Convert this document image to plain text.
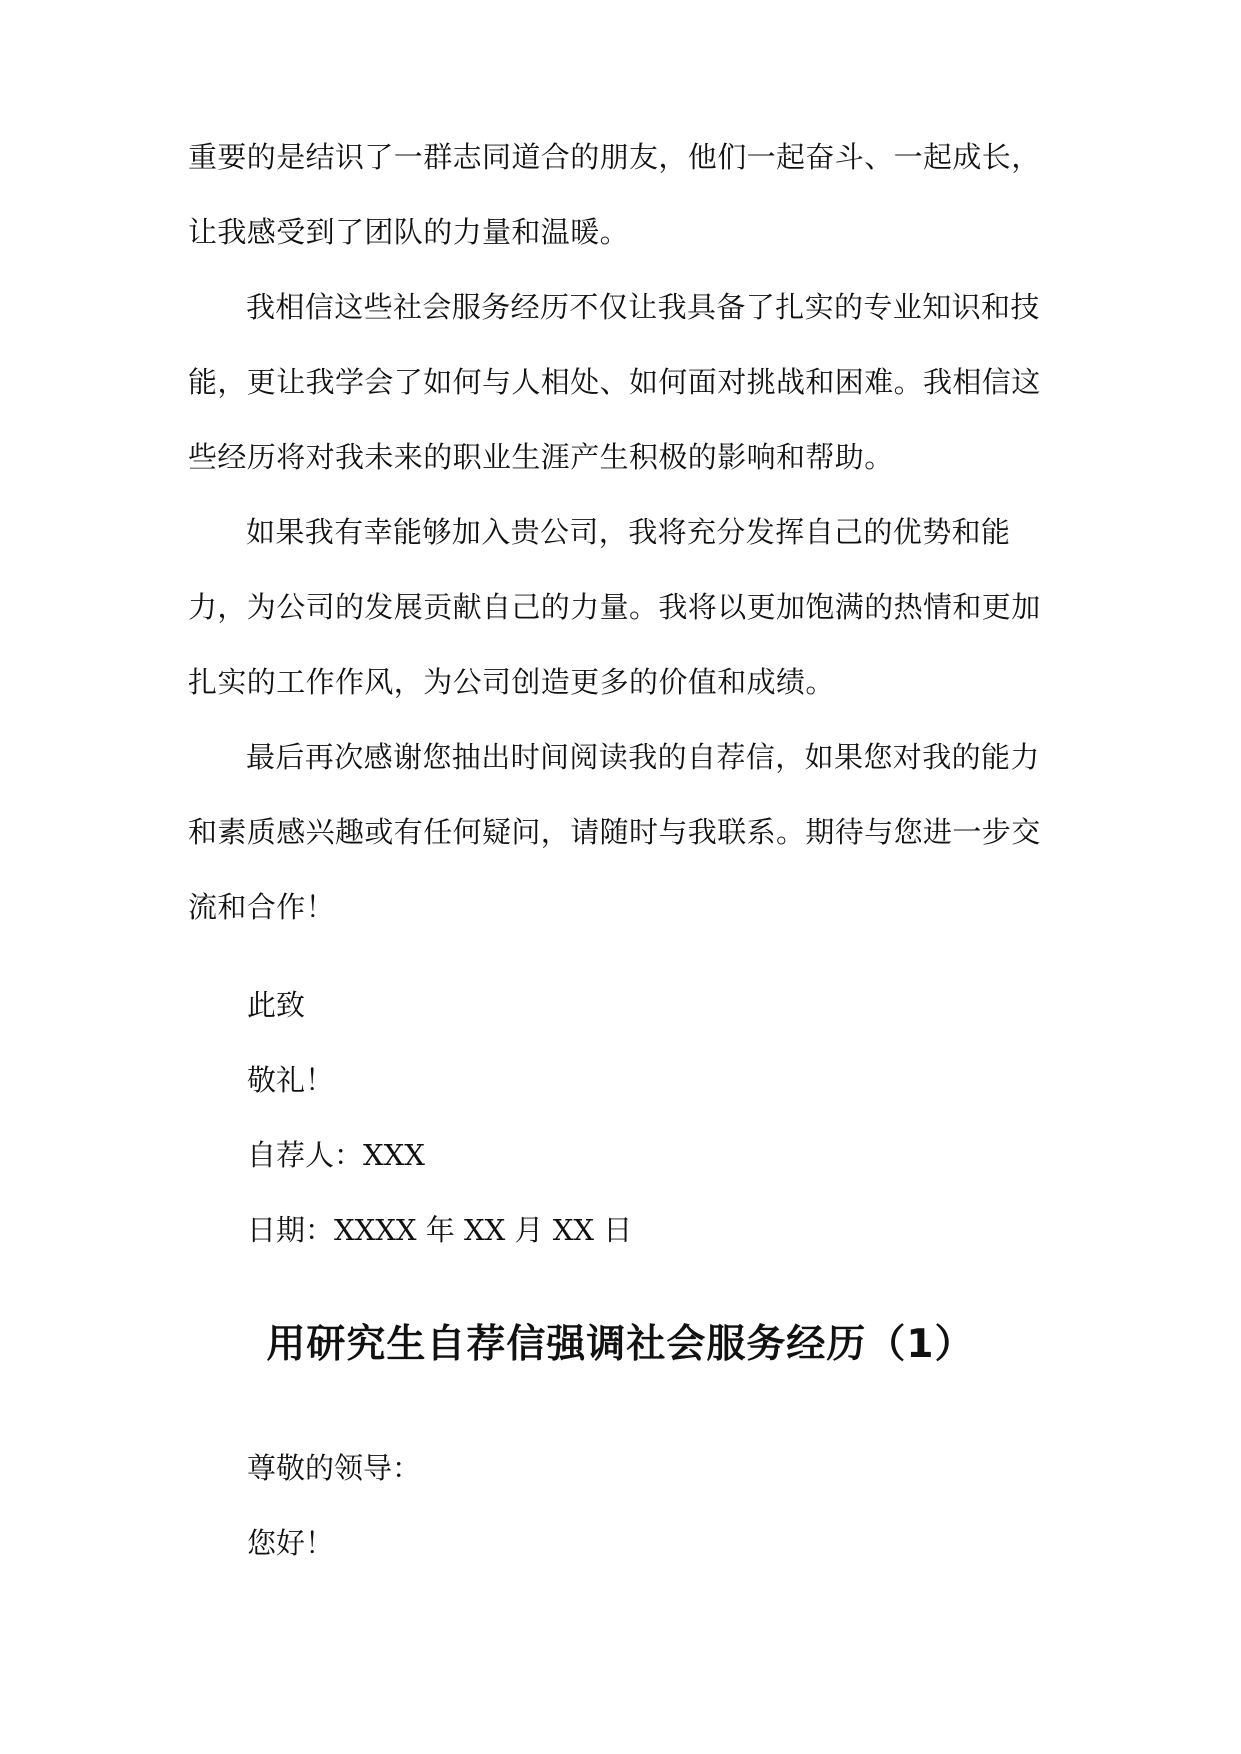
重要的是结识了一群志同道合的朋友，他们一起奋斗、一起成长，让我感受到了团队的力量和温暖。

我相信这些社会服务经历不仅让我具备了扎实的专业知识和技能，更让我学会了如何与人相处、如何面对挑战和困难。我相信这些经历将对我未来的职业生涯产生积极的影响和帮助。

如果我有幸能够加入贵公司，我将充分发挥自己的优势和能力，为公司的发展贡献自己的力量。我将以更加饱满的热情和更加扎实的工作作风，为公司创造更多的价值和成绩。

最后再次感谢您抽出时间阅读我的自荐信，如果您对我的能力和素质感兴趣或有任何疑问，请随时与我联系。期待与您进一步交流和合作！

此致
敬礼！
自荐人：XXX
日期：XXXX 年 XX 月 XX 日
用研究生自荐信强调社会服务经历（1）
尊敬的领导：
您好！
